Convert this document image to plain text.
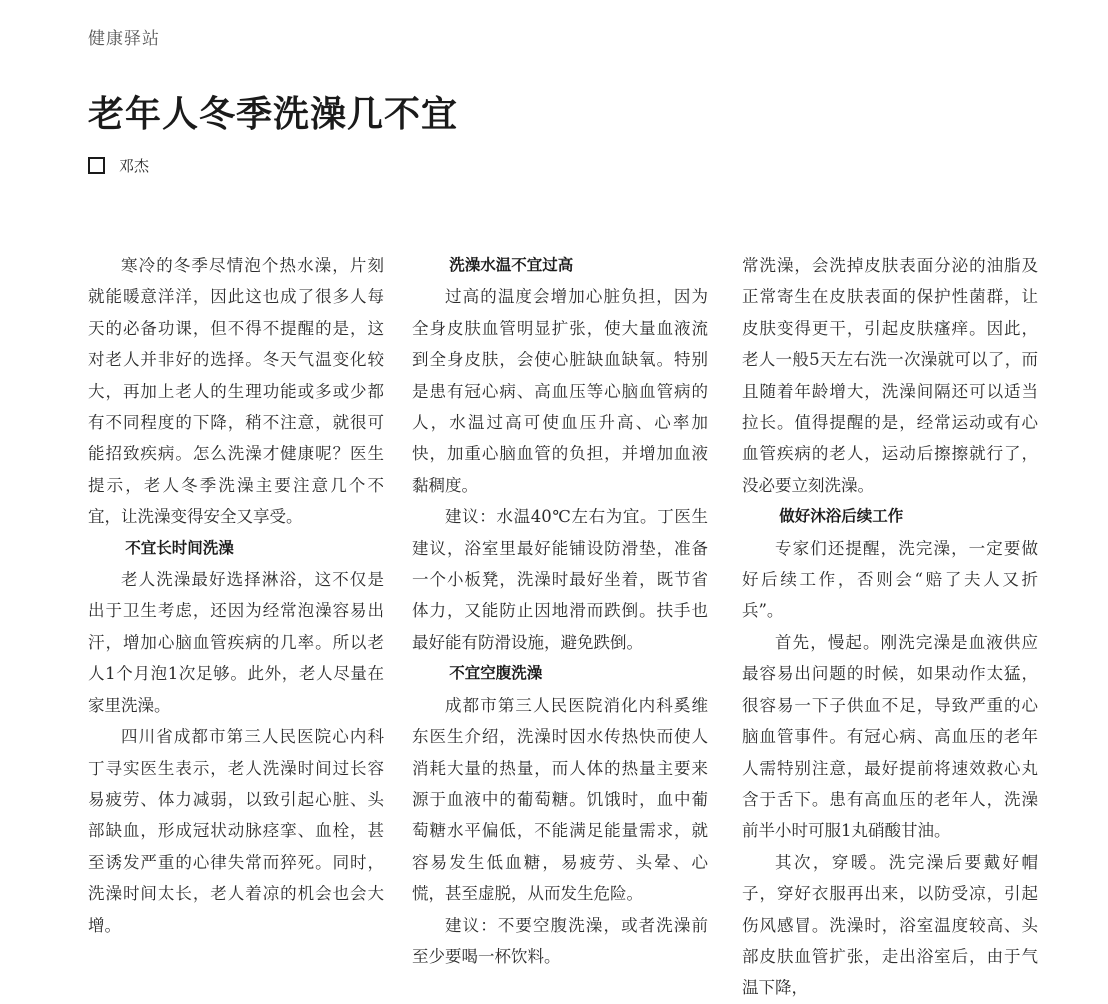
健康驿站
老年人冬季洗澡几不宜
邓杰

寒冷的冬季尽情泡个热水澡，片刻就能暖意洋洋，因此这也成了很多人每天的必备功课，但不得不提醒的是，这对老人并非好的选择。冬天气温变化较大，再加上老人的生理功能或多或少都有不同程度的下降，稍不注意，就很可能招致疾病。怎么洗澡才健康呢？医生提示，老人冬季洗澡主要注意几个不宜，让洗澡变得安全又享受。

不宜长时间洗澡

老人洗澡最好选择淋浴，这不仅是出于卫生考虑，还因为经常泡澡容易出汗，增加心脑血管疾病的几率。所以老人1个月泡1次足够。此外，老人尽量在家里洗澡。

四川省成都市第三人民医院心内科丁寻实医生表示，老人洗澡时间过长容易疲劳、体力减弱，以致引起心脏、头部缺血，形成冠状动脉痉挛、血栓，甚至诱发严重的心律失常而猝死。同时，洗澡时间太长，老人着凉的机会也会大增。

洗澡水温不宜过高

过高的温度会增加心脏负担，因为全身皮肤血管明显扩张，使大量血液流到全身皮肤，会使心脏缺血缺氧。特别是患有冠心病、高血压等心脑血管病的人，水温过高可使血压升高、心率加快，加重心脑血管的负担，并增加血液黏稠度。

建议：水温40℃左右为宜。丁医生建议，浴室里最好能铺设防滑垫，准备一个小板凳，洗澡时最好坐着，既节省体力，又能防止因地滑而跌倒。扶手也最好能有防滑设施，避免跌倒。

不宜空腹洗澡

成都市第三人民医院消化内科奚维东医生介绍，洗澡时因水传热快而使人消耗大量的热量，而人体的热量主要来源于血液中的葡萄糖。饥饿时，血中葡萄糖水平偏低，不能满足能量需求，就容易发生低血糖，易疲劳、头晕、心慌，甚至虚脱，从而发生危险。

建议：不要空腹洗澡，或者洗澡前至少要喝一杯饮料。

常洗澡，会洗掉皮肤表面分泌的油脂及正常寄生在皮肤表面的保护性菌群，让皮肤变得更干，引起皮肤瘙痒。因此，老人一般5天左右洗一次澡就可以了，而且随着年龄增大，洗澡间隔还可以适当拉长。值得提醒的是，经常运动或有心血管疾病的老人，运动后擦擦就行了，没必要立刻洗澡。

做好沐浴后续工作

专家们还提醒，洗完澡，一定要做好后续工作，否则会“赔了夫人又折兵”。

首先，慢起。刚洗完澡是血液供应最容易出问题的时候，如果动作太猛，很容易一下子供血不足，导致严重的心脑血管事件。有冠心病、高血压的老年人需特别注意，最好提前将速效救心丸含于舌下。患有高血压的老年人，洗澡前半小时可服1丸硝酸甘油。

其次，穿暖。洗完澡后要戴好帽子，穿好衣服再出来，以防受凉，引起伤风感冒。洗澡时，浴室温度较高、头部皮肤血管扩张，走出浴室后，由于气温下降，
